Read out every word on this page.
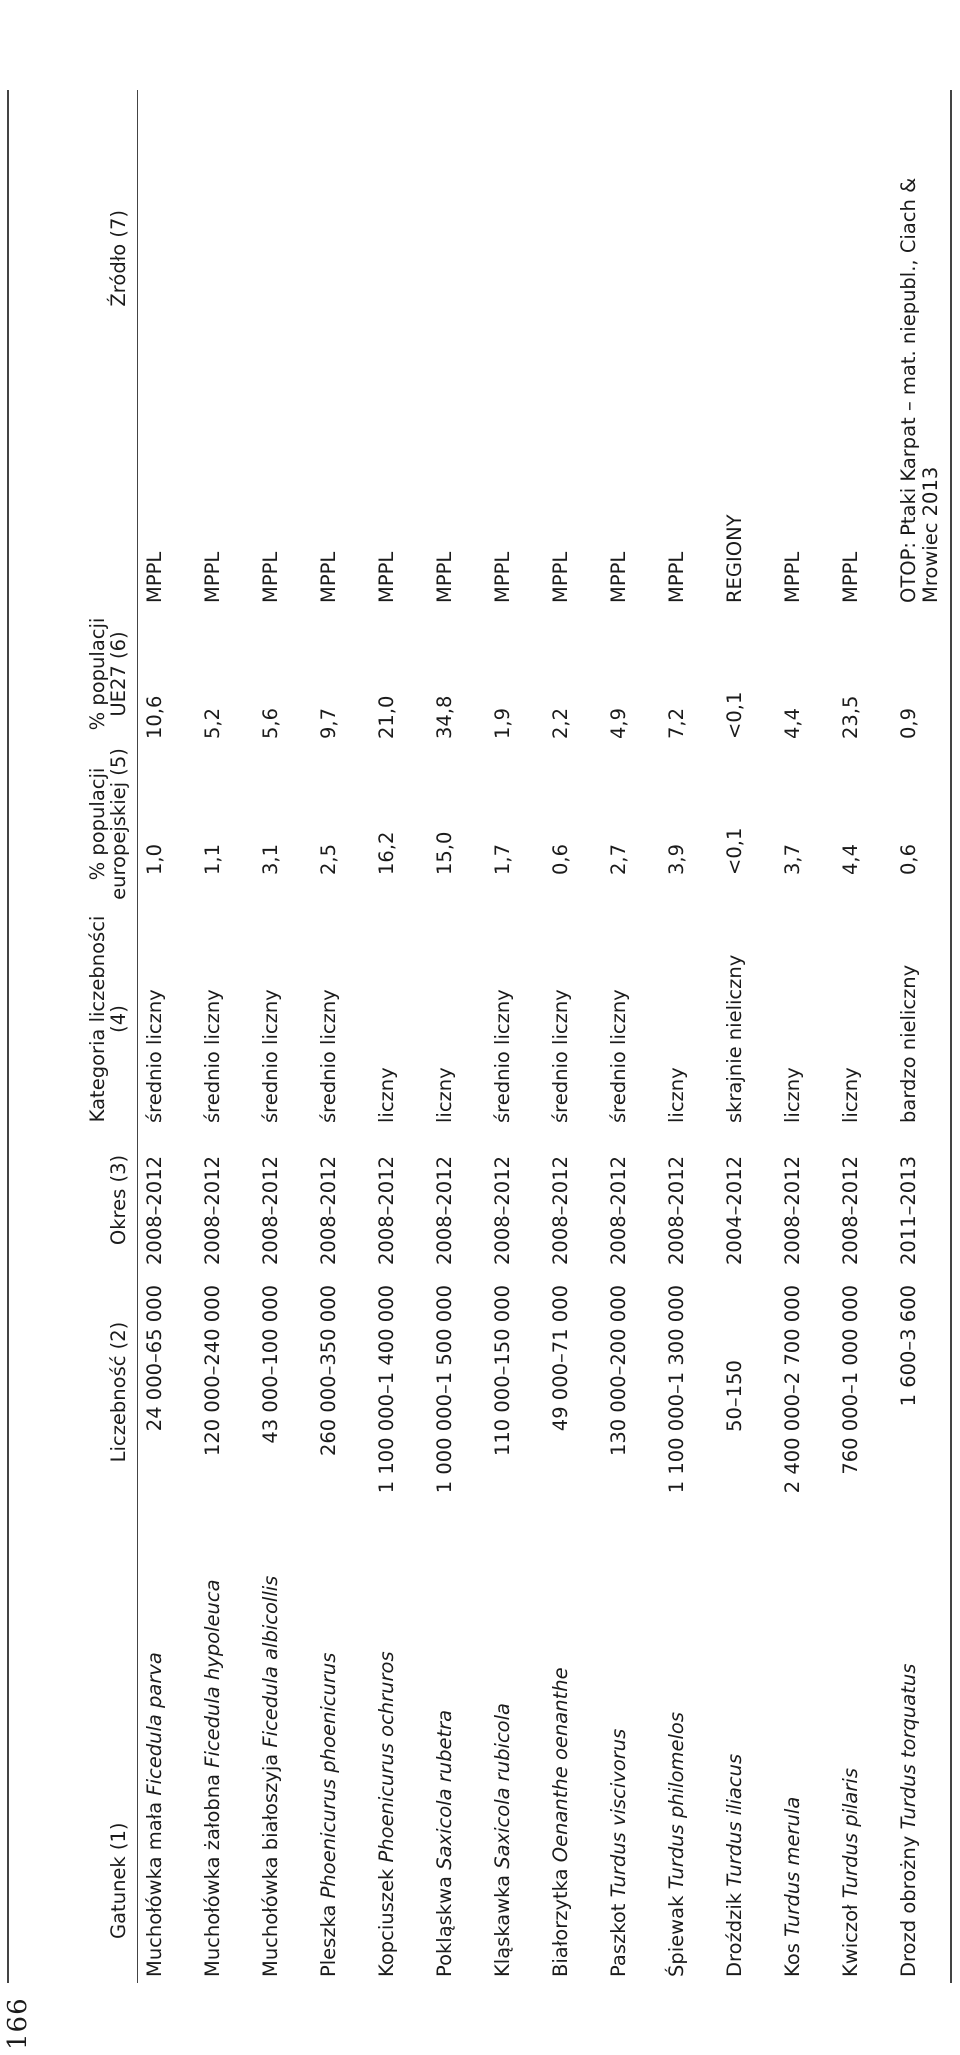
166
Gatunek (1)	Liczebność (2)	Okres (3)	Kategoria liczebności (4)	% populacji europejskiej (5)	% populacji UE27 (6)	Źródło (7)
Muchołówka mała Ficedula parva	24 000–65 000	2008–2012	średnio liczny	1,0	10,6	MPPL
Muchołówka żałobna Ficedula hypoleuca	120 000–240 000	2008–2012	średnio liczny	1,1	5,2	MPPL
Muchołówka białoszyja Ficedula albicollis	43 000–100 000	2008–2012	średnio liczny	3,1	5,6	MPPL
Pleszka Phoenicurus phoenicurus	260 000–350 000	2008–2012	średnio liczny	2,5	9,7	MPPL
Kopciuszek Phoenicurus ochruros	1 100 000–1 400 000	2008–2012	liczny	16,2	21,0	MPPL
Pokląskwa Saxicola rubetra	1 000 000–1 500 000	2008–2012	liczny	15,0	34,8	MPPL
Kląskawka Saxicola rubicola	110 000–150 000	2008–2012	średnio liczny	1,7	1,9	MPPL
Białorzytka Oenanthe oenanthe	49 000–71 000	2008–2012	średnio liczny	0,6	2,2	MPPL
Paszkot Turdus viscivorus	130 000–200 000	2008–2012	średnio liczny	2,7	4,9	MPPL
Śpiewak Turdus philomelos	1 100 000–1 300 000	2008–2012	liczny	3,9	7,2	MPPL
Droździk Turdus iliacus	50–150	2004–2012	skrajnie nieliczny	<0,1	<0,1	REGIONY
Kos Turdus merula	2 400 000–2 700 000	2008–2012	liczny	3,7	4,4	MPPL
Kwiczoł Turdus pilaris	760 000–1 000 000	2008–2012	liczny	4,4	23,5	MPPL
Drozd obrożny Turdus torquatus	1 600–3 600	2011–2013	bardzo nieliczny	0,6	0,9	OTOP: Ptaki Karpat – mat. niepubl., Ciach & Mrowiec 2013
